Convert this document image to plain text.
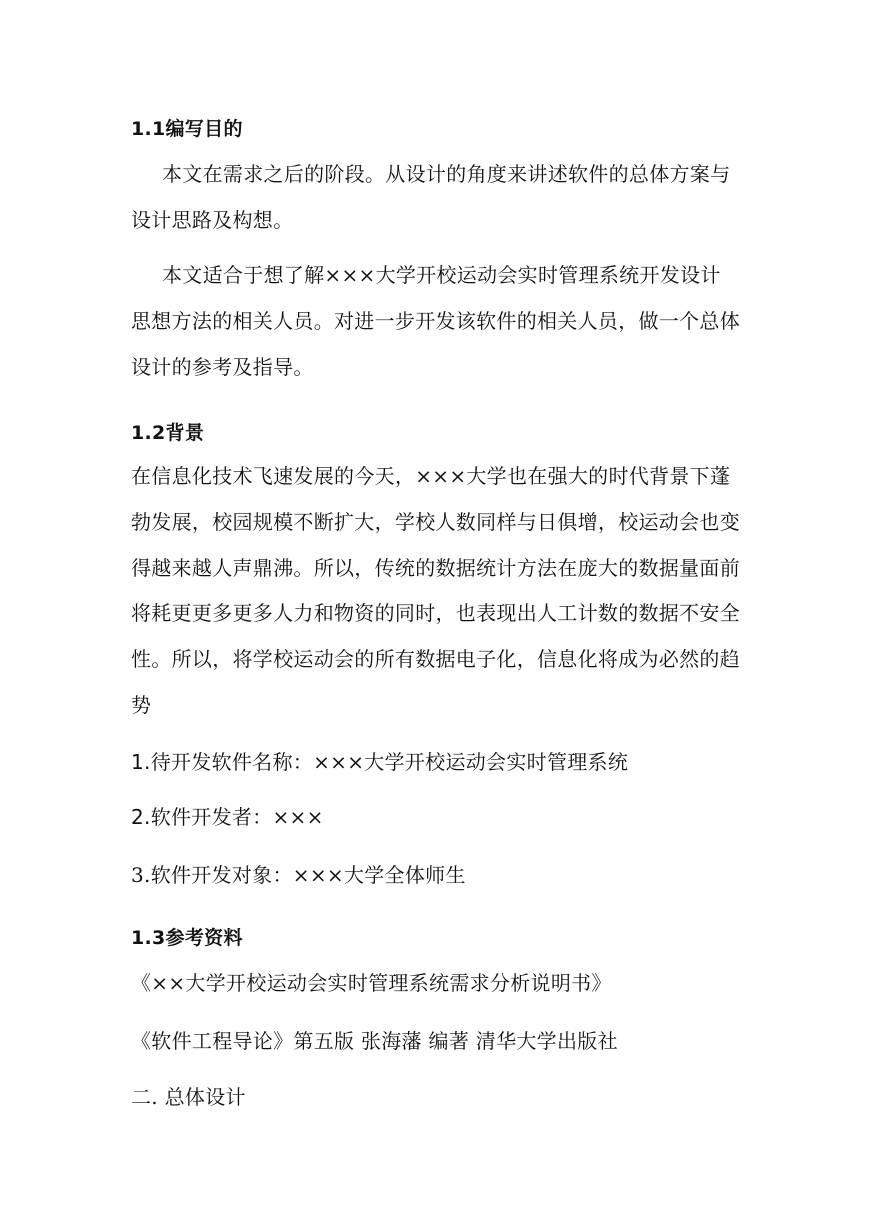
1.1编写目的
本文在需求之后的阶段。从设计的角度来讲述软件的总体方案与
设计思路及构想。
本文适合于想了解×××大学开校运动会实时管理系统开发设计
思想方法的相关人员。对进一步开发该软件的相关人员，做一个总体
设计的参考及指导。
1.2背景
在信息化技术飞速发展的今天，×××大学也在强大的时代背景下蓬
勃发展，校园规模不断扩大，学校人数同样与日俱增，校运动会也变
得越来越人声鼎沸。所以，传统的数据统计方法在庞大的数据量面前
将耗更更多更多人力和物资的同时，也表现出人工计数的数据不安全
性。所以，将学校运动会的所有数据电子化，信息化将成为必然的趋
势
1.待开发软件名称：×××大学开校运动会实时管理系统
2.软件开发者：×××
3.软件开发对象：×××大学全体师生
1.3参考资料
《××大学开校运动会实时管理系统需求分析说明书》
《软件工程导论》第五版 张海藩 编著 清华大学出版社
二. 总体设计
